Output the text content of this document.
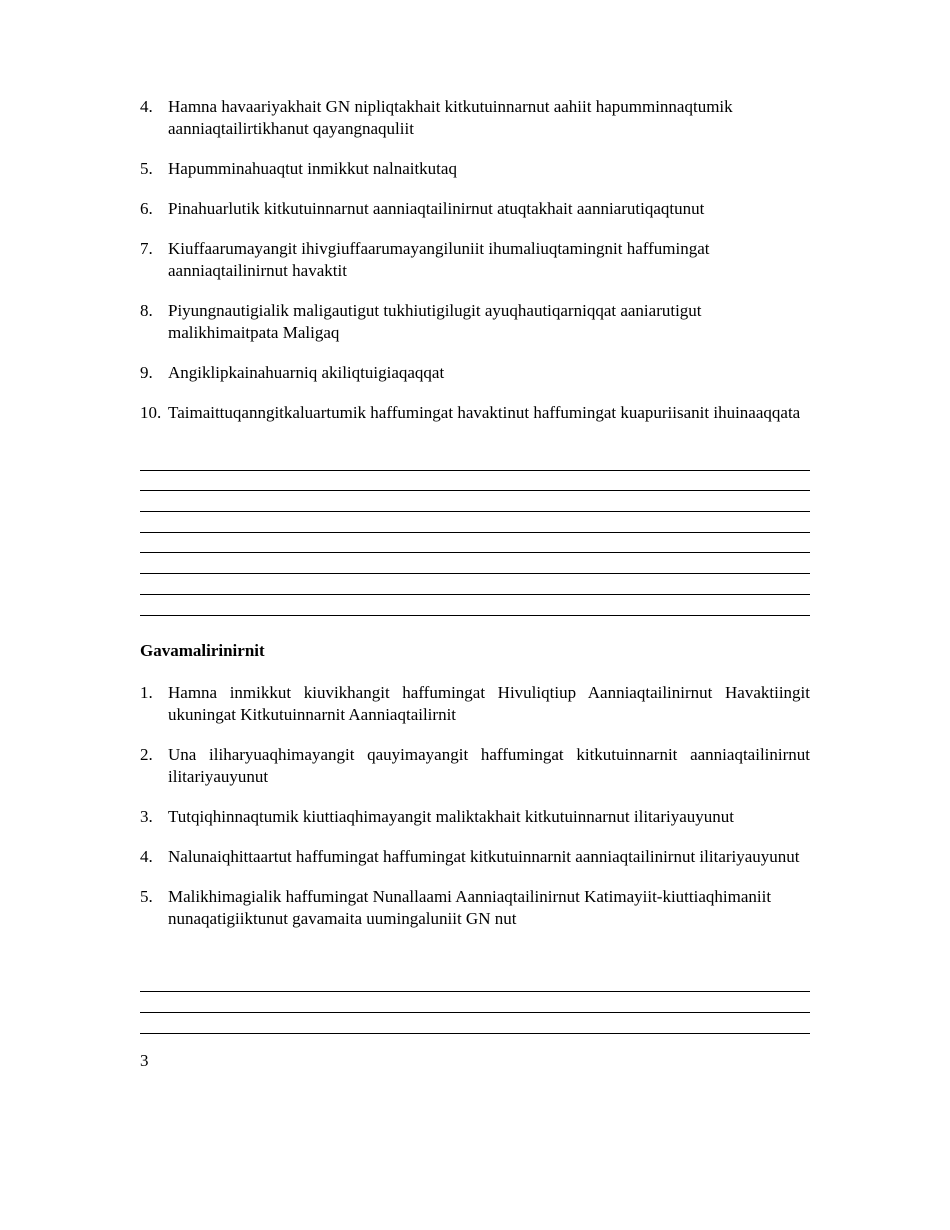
4. Hamna havaariyakhait GN nipliqtakhait kitkutuinnarnut aahiit hapumminnaqtumik aanniaqtailirtikhanut qayangnaquliit
5. Hapumminahuaqtut inmikkut nalnaitkutaq
6. Pinahuarlutik kitkutuinnarnut aanniaqtailinirnut atuqtakhait aanniarutiqaqtunut
7. Kiuffaarumayangit ihivgiuffaarumayangiluniit ihumaliuqtamingnit haffumingat aanniaqtailinirnut havaktit
8. Piyungnautigialik maligautigut tukhiutigilugit ayuqhautiqarniqqat aaniarutigut malikhimaitpata Maligaq
9. Angiklipkainahuarniq akiliqtuigiaqaqqat
10. Taimaittuqanngitkaluartumik haffumingat havaktinut haffumingat kuapuriisanit ihuinaaqqata
Gavamalirinirnit
1. Hamna inmikkut kiuvikhangit haffumingat Hivuliqtiup Aanniaqtailinirnut Havaktiingit ukuningat Kitkutuinnarnit Aanniaqtailirnit
2. Una iliharyuaqhimayangit qauyimayangit haffumingat kitkutuinnarnit aanniaqtailinirnut ilitariyauyunut
3. Tutqiqhinnaqtumik kiuttiaqhimayangit maliktakhait kitkutuinnarnut ilitariyauyunut
4. Nalunaiqhittaartut haffumingat haffumingat kitkutuinnarnit aanniaqtailinirnut ilitariyauyunut
5. Malikhimagialik haffumingat Nunallaami Aanniaqtailinirnut Katimayiit-kiuttiaqhimaniit nunaqatigiiktunut gavamaita uumingaluniit GN nut
3
